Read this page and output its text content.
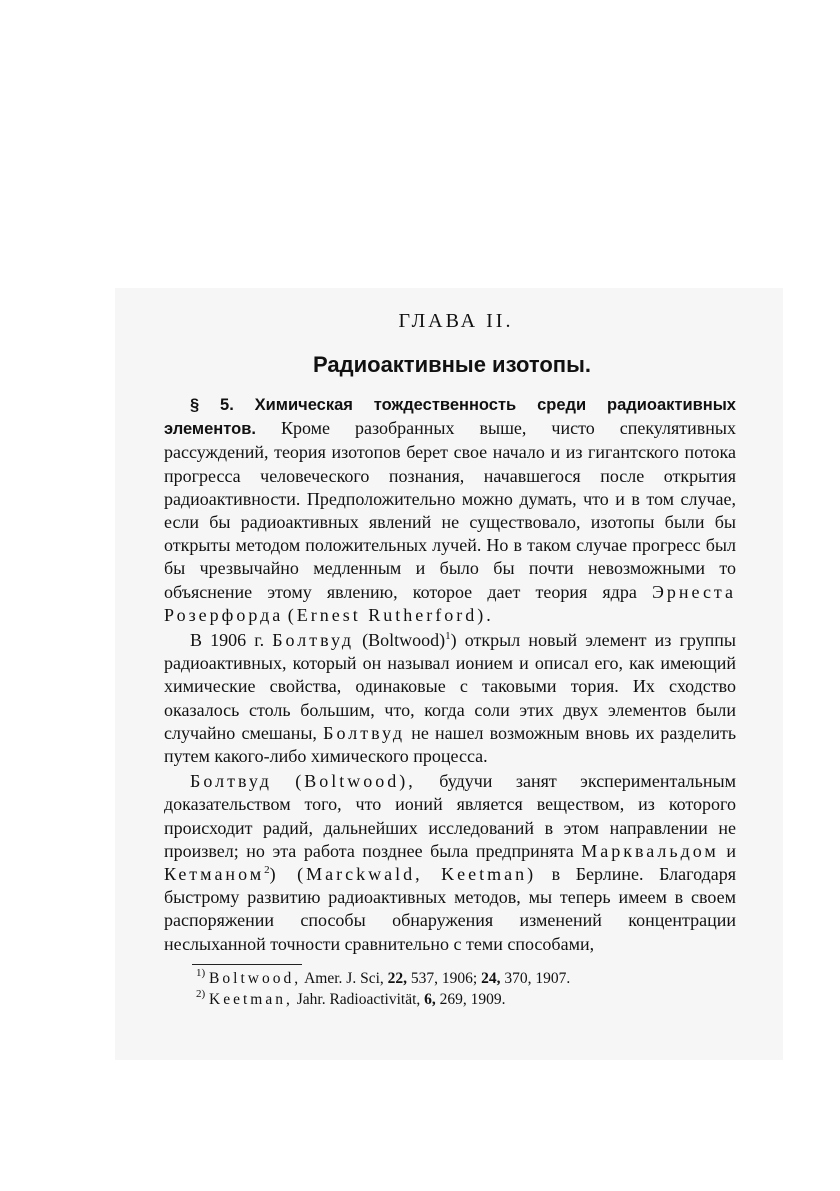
ГЛАВА II.
Радиоактивные изотопы.

§ 5. Химическая тождественность среди радиоактивных элементов. Кроме разобранных выше, чисто спекулятивных рассуждений, теория изотопов берет свое начало и из гигантского потока прогресса человеческого познания, начавшегося после открытия радиоактивности. Предположительно можно думать, что и в том случае, если бы радиоактивных явлений не существовало, изотопы были бы открыты методом положительных лучей. Но в таком случае прогресс был бы чрезвычайно медленным и было бы почти невозможными то объяснение этому явлению, которое дает теория ядра Эрнеста Розерфорда (Ernest Rutherford).

В 1906 г. Болтвуд (Boltwood)$^1$) открыл новый элемент из группы радиоактивных, который он называл ионием и описал его, как имеющий химические свойства, одинаковые с таковыми тория. Их сходство оказалось столь большим, что, когда соли этих двух элементов были случайно смешаны, Болтвуд не нашел возможным вновь их разделить путем какого-либо химического процесса.

Болтвуд (Boltwood), будучи занят экспериментальным доказательством того, что ионий является веществом, из которого происходит радий, дальнейших исследований в этом направлении не произвел; но эта работа позднее была предпринята Марквальдом и Кетманом$^2$) (Marckwald, Keetman) в Берлине. Благодаря быстрому развитию радиоактивных методов, мы теперь имеем в своем распоряжении способы обнаружения изменений концентрации неслыханной точности сравнительно с теми способами,

$^{1)}$ Boltwood, Amer. J. Sci, 22, 537, 1906; 24, 370, 1907.
$^{2)}$ Keetman, Jahr. Radioactivität, 6, 269, 1909.
